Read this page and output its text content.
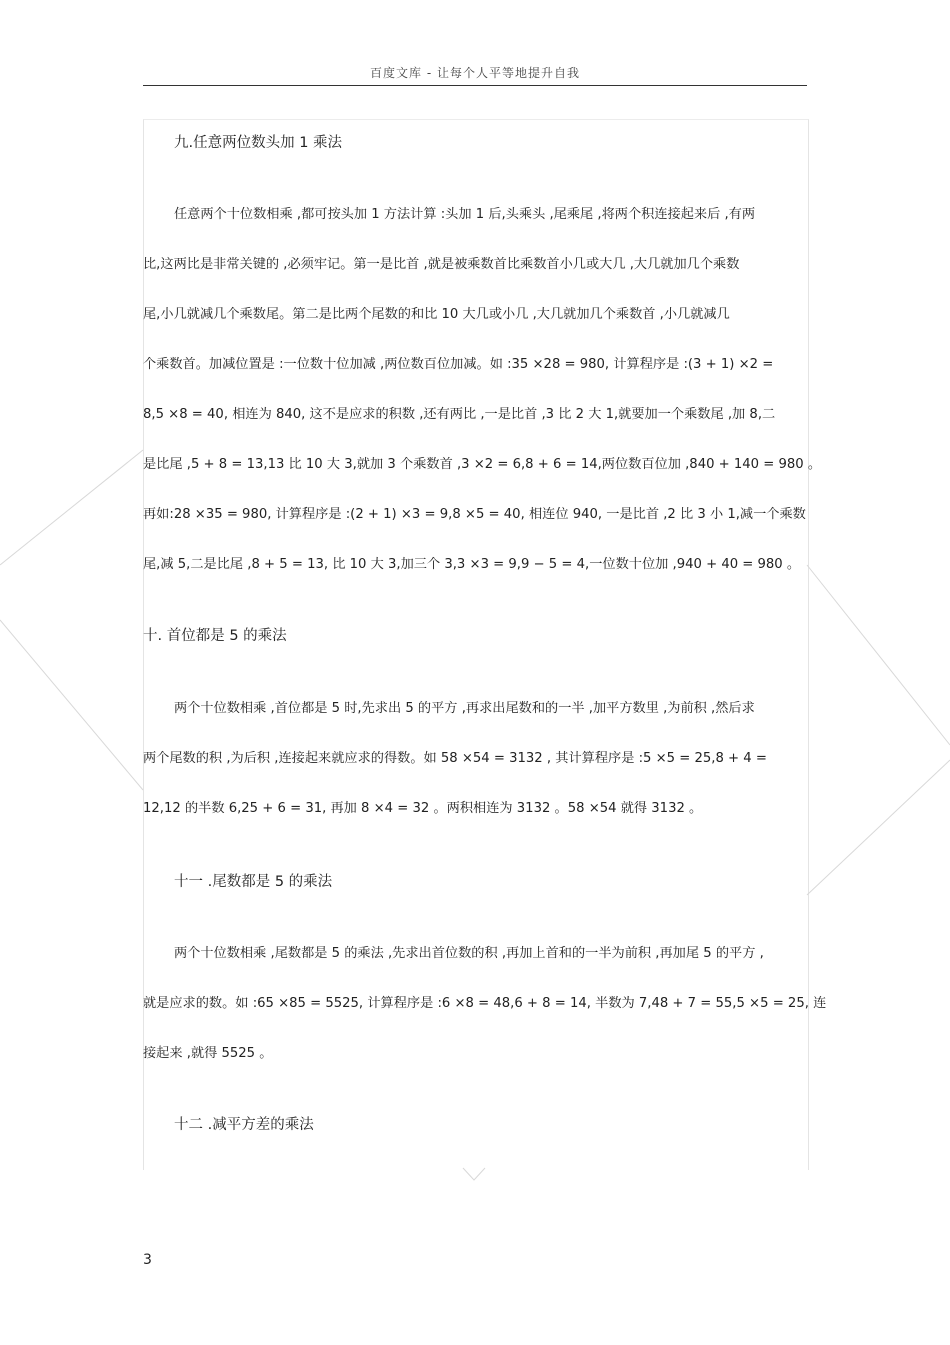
百度文库 - 让每个人平等地提升自我
九.任意两位数头加 1 乘法
任意两个十位数相乘 ,都可按头加 1 方法计算 :头加 1 后,头乘头 ,尾乘尾 ,将两个积连接起来后 ,有两
比,这两比是非常关键的 ,必须牢记。第一是比首 ,就是被乘数首比乘数首小几或大几 ,大几就加几个乘数
尾,小几就减几个乘数尾。第二是比两个尾数的和比 10 大几或小几 ,大几就加几个乘数首 ,小几就减几
个乘数首。加减位置是 :一位数十位加减 ,两位数百位加减。如 :35 ×28 = 980, 计算程序是 :(3 + 1) ×2 =
8,5 ×8 = 40, 相连为 840, 这不是应求的积数 ,还有两比 ,一是比首 ,3 比 2 大 1,就要加一个乘数尾 ,加 8,二
是比尾 ,5 + 8 = 13,13 比 10 大 3,就加 3 个乘数首 ,3 ×2 = 6,8 + 6 = 14,两位数百位加 ,840 + 140 = 980 。
再如:28 ×35 = 980, 计算程序是 :(2 + 1) ×3 = 9,8 ×5 = 40, 相连位 940, 一是比首 ,2 比 3 小 1,减一个乘数
尾,减 5,二是比尾 ,8 + 5 = 13, 比 10 大 3,加三个 3,3 ×3 = 9,9 − 5 = 4,一位数十位加 ,940 + 40 = 980 。
十. 首位都是 5 的乘法
两个十位数相乘 ,首位都是 5 时,先求出 5 的平方 ,再求出尾数和的一半 ,加平方数里 ,为前积 ,然后求
两个尾数的积 ,为后积 ,连接起来就应求的得数。如 58 ×54 = 3132 , 其计算程序是 :5 ×5 = 25,8 + 4 =
12,12 的半数 6,25 + 6 = 31, 再加 8 ×4 = 32 。两积相连为 3132 。58 ×54 就得 3132 。
十一 .尾数都是 5 的乘法
两个十位数相乘 ,尾数都是 5 的乘法 ,先求出首位数的积 ,再加上首和的一半为前积 ,再加尾 5 的平方 ,
就是应求的数。如 :65 ×85 = 5525, 计算程序是 :6 ×8 = 48,6 + 8 = 14, 半数为 7,48 + 7 = 55,5 ×5 = 25, 连
接起来 ,就得 5525 。
十二 .减平方差的乘法
3
